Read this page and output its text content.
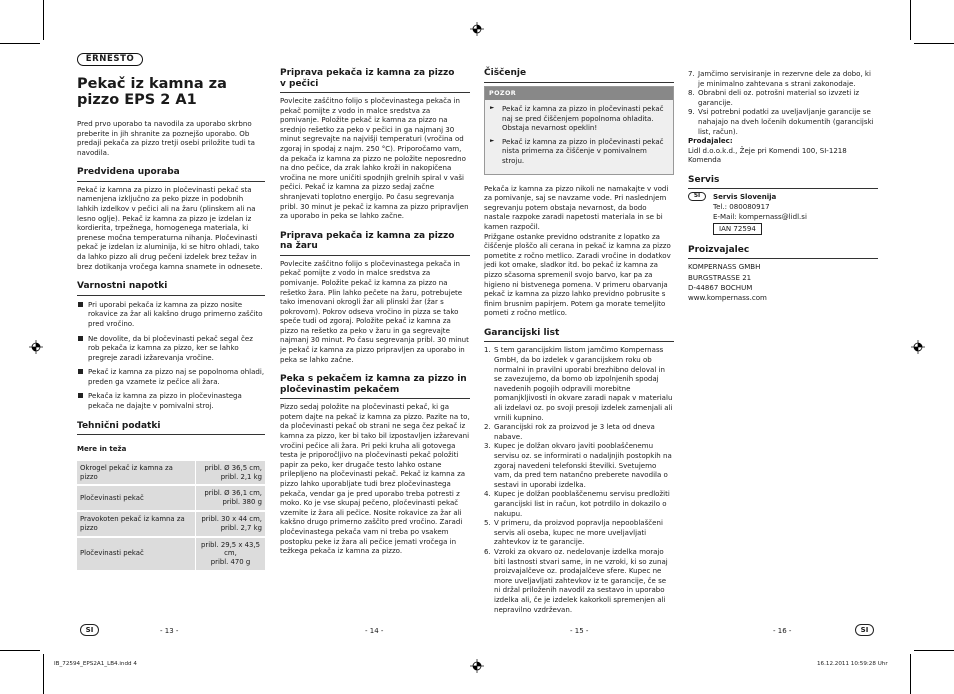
ERNESTO
Pekač iz kamna za
pizzo EPS 2 A1

Pred prvo uporabo ta navodila za uporabo skrbno preberite in jih shranite za poznejšo uporabo. Ob predaji pekača za pizzo tretji osebi priložite tudi ta navodila.

Predvidena uporaba

Pekač iz kamna za pizzo in pločevinasti pekač sta namenjena izključno za peko pizze in podobnih lahkih izdelkov v pečici ali na žaru (plinskem ali na lesno oglje). Pekač iz kamna za pizzo je izdelan iz kordierita, trpežnega, homogenega materiala, ki prenese močna temperaturna nihanja. Pločevinasti pekač je izdelan iz aluminija, ki se hitro ohladi, tako da lahko pizzo ali drug pečeni izdelek brez težav in brez dotikanja vročega kamna snamete in odnesete.

Varnostni napotki
Pri uporabi pekača iz kamna za pizzo nosite rokavice za žar ali kakšno drugo primerno zaščito pred vročino.
Ne dovolite, da bi pločevinasti pekač segal čez rob pekača iz kamna za pizzo, ker se lahko pregreje zaradi izžarevanja vročine.
Pekač iz kamna za pizzo naj se popolnoma ohladi, preden ga vzamete iz pečice ali žara.
Pekača iz kamna za pizzo in pločevinastega pekača ne dajajte v pomivalni stroj.
Tehnični podatki
Mere in teža
Okrogel pekač iz kamna za pizzo	pribl. Ø 36,5 cm,
pribl. 2,1 kg
Pločevinasti pekač	pribl. Ø 36,1 cm,
pribl. 380 g
Pravokoten pekač iz kamna za pizzo	pribl. 30 x 44 cm,
pribl. 2,7 kg
Pločevinasti pekač	pribl. 29,5 x 43,5
cm,
pribl. 470 g
Priprava pekača iz kamna za pizzo
v pečici

Povlecite zaščitno folijo s pločevinastega pekača in pekač pomijte z vodo in malce sredstva za pomivanje. Položite pekač iz kamna za pizzo na srednjo rešetko za peko v pečici in ga najmanj 30 minut segrevajte na najvišji temperaturi (vročina od zgoraj in spodaj z najm. 250 °C). Priporočamo vam, da pekača iz kamna za pizzo ne položite neposredno na dno pečice, da zrak lahko kroži in nakopičena vročina ne more uničiti spodnjih grelnih spiral v vaši pečici. Pekač iz kamna za pizzo sedaj začne shranjevati toplotno energijo. Po času segrevanja pribl. 30 minut je pekač iz kamna za pizzo pripravljen za uporabo in peka se lahko začne.

Priprava pekača iz kamna za pizzo
na žaru

Povlecite zaščitno folijo s pločevinastega pekača in pekač pomijte z vodo in malce sredstva za pomivanje. Položite pekač iz kamna za pizzo na rešetko žara. Plin lahko pečete na žaru, potrebujete tako imenovani okrogli žar ali plinski žar (žar s pokrovom). Pokrov odseva vročino in pizza se tako speče tudi od zgoraj. Položite pekač iz kamna za pizzo na rešetko za peko v žaru in ga segrevajte najmanj 30 minut. Po času segrevanja pribl. 30 minut je pekač iz kamna za pizzo pripravljen za uporabo in peka se lahko začne.

Peka s pekačem iz kamna za pizzo in
pločevinastim pekačem

Pizzo sedaj položite na pločevinasti pekač, ki ga potem dajte na pekač iz kamna za pizzo. Pazite na to, da pločevinasti pekač ob strani ne sega čez pekač iz kamna za pizzo, ker bi tako bil izpostavljen izžarevani vročini pečice ali žara. Pri peki kruha ali gotovega testa je priporočljivo na pločevinasti pekač položiti papir za peko, ker drugače testo lahko ostane prilepljeno na pločevinasti pekač. Pekač iz kamna za pizzo lahko uporabljate tudi brez pločevinastega pekača, vendar ga je pred uporabo treba potresti z moko. Ko je vse skupaj pečeno, pločevinasti pekač vzemite iz žara ali pečice. Nosite rokavice za žar ali kakšno drugo primerno zaščito pred vročino. Zaradi pločevinastega pekača vam ni treba po vsakem postopku peke iz žara ali pečice jemati vročega in težkega pekača iz kamna za pizzo.

Čiščenje
POZOR
► Pekač iz kamna za pizzo in pločevinasti pekač naj se pred čiščenjem popolnoma ohladita. Obstaja nevarnost opeklin!
► Pekač iz kamna za pizzo in pločevinasti pekač nista primerna za čiščenje v pomivalnem stroju.

Pekača iz kamna za pizzo nikoli ne namakajte v vodi za pomivanje, saj se navzame vode. Pri naslednjem segrevanju potem obstaja nevarnost, da bodo nastale razpoke zaradi napetosti materiala in se bi kamen razpočil.

Prižgane ostanke previdno odstranite z lopatko za čiščenje ploščo ali cerana in pekač iz kamna za pizzo pometite z ročno metlico. Zaradi vročine in dodatkov jedi kot omake, sladkor itd. bo pekač iz kamna za pizzo sčasoma spremenil svojo barvo, kar pa za higieno ni bistvenega pomena. V primeru obarvanja pekač iz kamna za pizzo lahko previdno pobrusite s finim brusnim papirjem. Potem ga morate temeljito pometi z ročno metlico.

Garancijski list
1. S tem garancijskim listom jamčimo Kompernass GmbH, da bo izdelek v garancijskem roku ob normalni in pravilni uporabi brezhibno deloval in se zavezujemo, da bomo ob izpolnjenih spodaj navedenih pogojih odpravili morebitne pomanjkljivosti in okvare zaradi napak v materialu ali izdelavi oz. po svoji presoji izdelek zamenjali ali vrnili kupnino.
2. Garancijski rok za proizvod je 3 leta od dneva nabave.
3. Kupec je dolžan okvaro javiti pooblaščenemu servisu oz. se informirati o nadaljnjih postopkih na zgoraj navedeni telefonski številki. Svetujemo vam, da pred tem natančno preberete navodila o sestavi in uporabi izdelka.
4. Kupec je dolžan pooblaščenemu servisu predložiti garancijski list in račun, kot potrdilo in dokazilo o nakupu.
5. V primeru, da proizvod popravlja nepooblaščeni servis ali oseba, kupec ne more uveljavljati zahtevkov iz te garancije.
6. Vzroki za okvaro oz. nedelovanje izdelka morajo biti lastnosti stvari same, in ne vzroki, ki so zunaj proizvajalčeve oz. prodajalčeve sfere. Kupec ne more uveljavljati zahtevkov iz te garancije, če se ni držal priloženih navodil za sestavo in uporabo izdelka ali, če je izdelek kakorkoli spremenjen ali nepravilno vzdrževan.
7. Jamčimo servisiranje in rezervne dele za dobo, ki je minimalno zahtevana s strani zakonodaje.
8. Obrabni deli oz. potrošni material so izvzeti iz garancije.
9. Vsi potrebni podatki za uveljavljanje garancije se nahajajo na dveh ločenih dokumentih (garancijski list, račun).

Prodajalec:

Lidl d.o.o.k.d., Žeje pri Komendi 100, SI-1218 Komenda

Servis
SI	Servis Slovenija
Tel.: 080080917
E-Mail: kompernass@lidl.si
IAN 72594
Proizvajalec
KOMPERNASS GMBH
BURGSTRASSE 21
D-44867 BOCHUM
www.kompernass.com
SI	SI
- 13 -	- 14 -	- 15 -	- 16 -
IB_72594_EPS2A1_LB4.indd 4	16.12.2011 10:59:28 Uhr
